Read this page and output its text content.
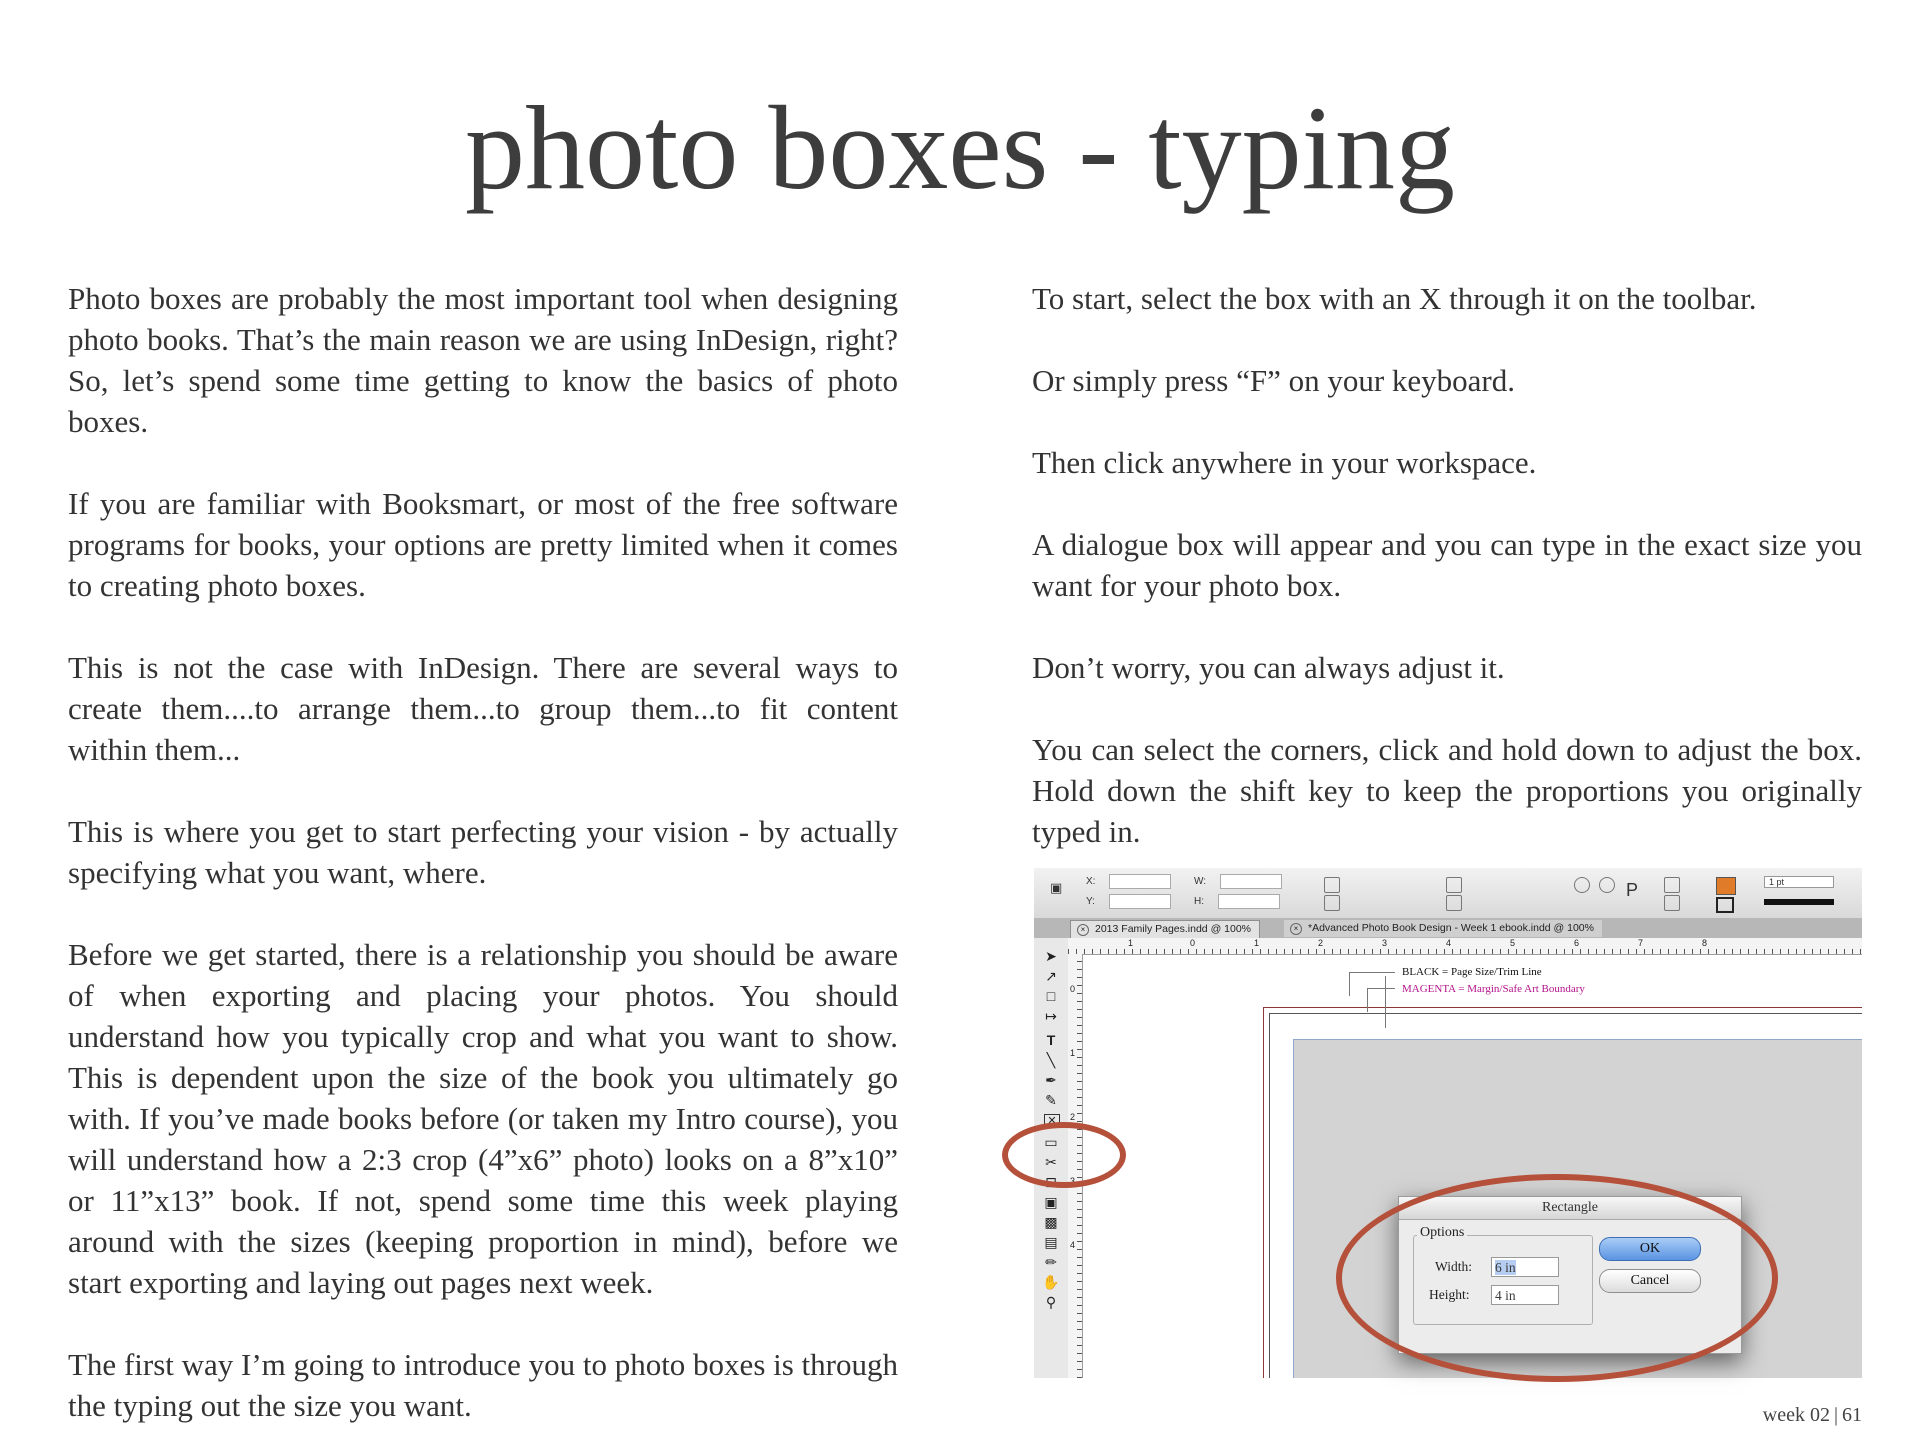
photo boxes - typing

Photo boxes are probably the most important tool when designing photo books. That’s the main reason we are using InDesign, right? So, let’s spend some time getting to know the basics of photo boxes.

If you are familiar with Booksmart, or most of the free software programs for books, your options are pretty limited when it comes to creating photo boxes.

This is not the case with InDesign. There are several ways to create them....to arrange them...to group them...to fit content within them...

This is where you get to start perfecting your vision - by actually specifying what you want, where.

Before we get started, there is a relationship you should be aware of when exporting and placing your photos. You should understand how you typically crop and what you want to show. This is dependent upon the size of the book you ultimately go with. If you’ve made books before (or taken my Intro course), you will understand how a 2:3 crop (4”x6” photo) looks on a 8”x10” or 11”x13” book. If not, spend some time this week playing around with the sizes (keeping proportion in mind), before we start exporting and laying out pages next week.

The first way I’m going to introduce you to photo boxes is through the typing out the size you want.

To start, select the box with an X through it on the toolbar.

Or simply press “F” on your keyboard.

Then click anywhere in your workspace.

A dialogue box will appear and you can type in the exact size you want for your photo box.

Don’t worry, you can always adjust it.

You can select the corners, click and hold down to adjust the box. Hold down the shift key to keep the proportions you originally typed in.

▣ X:
Y:
W:
H:
P	1 pt
× 2013 Family Pages.indd @ 100%	× *Advanced Photo Book Design - Week 1 ebook.indd @ 100%
➤
↗
□
↦
T
╲
✒
✎
✕
▭
✂
⊡
▣
▩
▤
✏
✋
⚲
1	0	1	2	3	4	5	6	7	8
0
1
2
3
4
BLACK = Page Size/Trim Line
MAGENTA = Margin/Safe Art Boundary
Rectangle
Options
Width: 6 in
Height: 4 in
OK
Cancel
week 02 | 61
